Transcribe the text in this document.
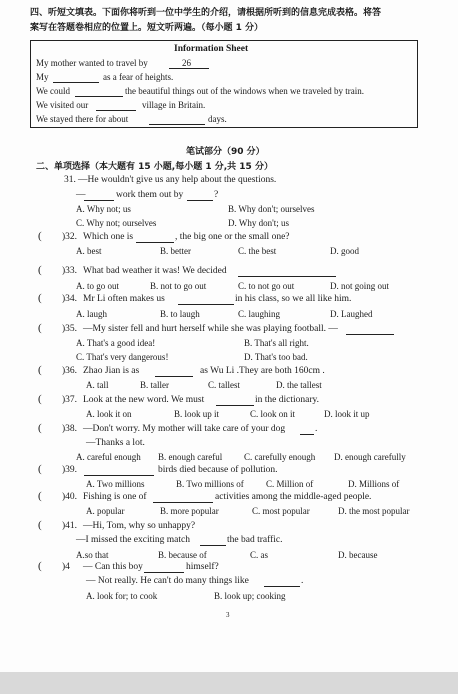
四、听短文填表。下面你将听到一位中学生的介绍，请根据所听到的信息完成表格。将答
案写在答题卷相应的位置上。短文听两遍。（每小题 1 分）
Information Sheet
My mother wanted to travel by	26
My	as a fear of heights.
We could	the beautiful things out of the windows when we traveled by train.
We visited our	village in Britain.
We stayed there for about	days.
笔试部分（90 分）
二、单项选择（本大题有 15 小题,每小题 1 分,共 15 分）
31. —He wouldn't give us any help about the questions.
—	work them out by	?
A. Why not; us	B. Why don't; ourselves
C. Why not; ourselves	D. Why don't; us
( )32. Which one is	, the big one or the small one?
A. best	B. better	C. the best	D. good
( )33. What bad weather it was! We decided
A. to go out	B. not to go out	C. to not go out	D. not going out
( )34. Mr Li often makes us	in his class, so we all like him.
A. laugh	B. to laugh	C. laughing	D. Laughed
( )35. —My sister fell and hurt herself while she was playing football. —
A. That's a good idea!	B. That's all right.
C. That's very dangerous!	D. That's too bad.
( )36. Zhao Jian is as	as Wu Li .They are both 160cm .
A. tall	B. taller	C. tallest	D. the tallest
( )37. Look at the new word. We must	in the dictionary.
A. look it on	B. look up it	C. look on it	D. look it up
( )38. —Don't worry. My mother will take care of your dog	.
—Thanks a lot.
A. careful enough B. enough careful C. carefully enough D. enough carefully
( )39.	birds died because of pollution.
A. Two millions	B. Two millions of C. Million of	D. Millions of
( )40. Fishing is one of	activities among the middle-aged people.
A. popular	B. more popular	C. most popular	D. the most popular
( )41. —Hi, Tom, why so unhappy?
—I missed the exciting match	the bad traffic.
A.so that	B. because of	C. as	D. because
( )4 — Can this boy	himself?
— Not really. He can't do many things like	.
A. look for; to cook	B. look up; cooking
3
